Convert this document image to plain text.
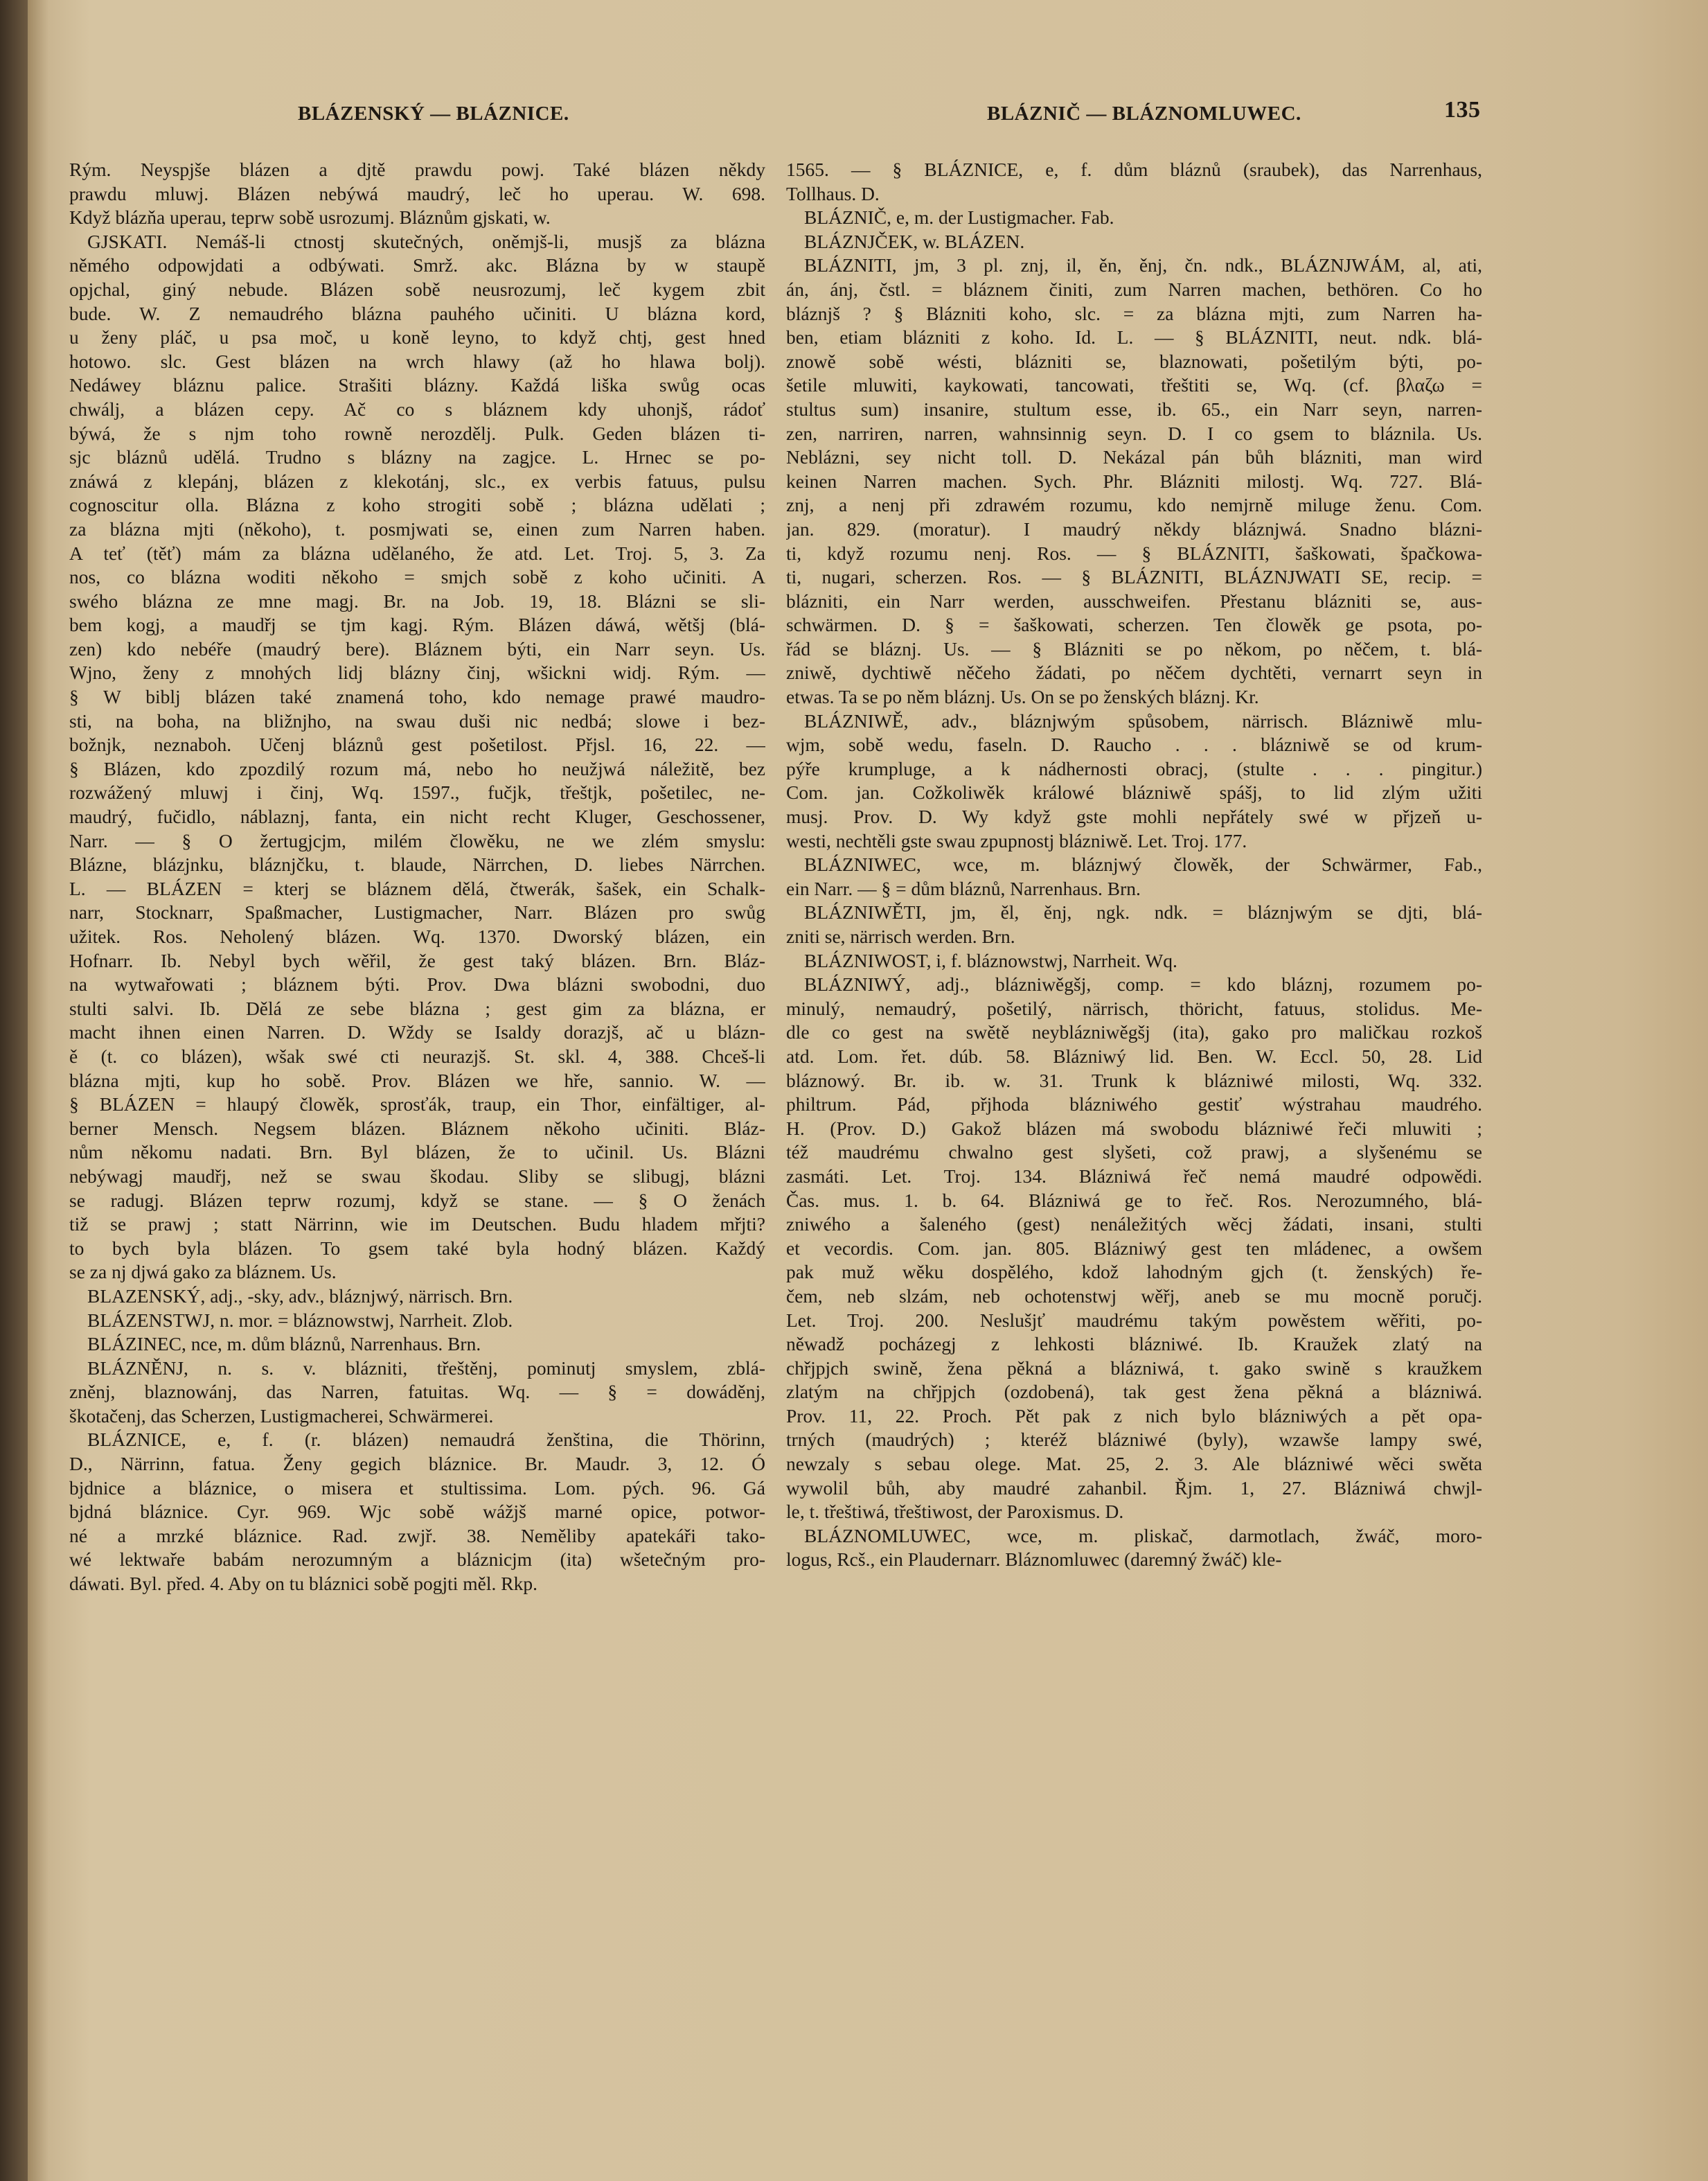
BLÁZENSKÝ — BLÁZNICE.	BLÁZNIČ — BLÁZNOMLUWEC.	135
Rým. Neyspjše blázen a djtě prawdu powj. Také blázen někdy
prawdu mluwj. Blázen nebýwá maudrý, leč ho uperau. W. 698.
Když blázňa uperau, teprw sobě usrozumj. Bláznům gjskati, w.
GJSKATI. Nemáš-li ctnostj skutečných, oněmjš-li, musjš za blázna
němého odpowjdati a odbýwati. Smrž. akc. Blázna by w staupě
opjchal, giný nebude. Blázen sobě neusrozumj, leč kygem zbit
bude. W. Z nemaudrého blázna pauhého učiniti. U blázna kord,
u ženy pláč, u psa moč, u koně leyno, to když chtj, gest hned
hotowo. slc. Gest blázen na wrch hlawy (až ho hlawa bolj).
Nedáwey bláznu palice. Strašiti blázny. Každá liška swůg ocas
chwálj, a blázen cepy. Ač co s bláznem kdy uhonjš, rádoť
býwá, že s njm toho rowně nerozdělj. Pulk. Geden blázen ti-
sjc bláznů udělá. Trudno s blázny na zagjce. L. Hrnec se po-
znáwá z klepánj, blázen z klekotánj, slc., ex verbis fatuus, pulsu
cognoscitur olla. Blázna z koho strogiti sobě ; blázna udělati ;
za blázna mjti (někoho), t. posmjwati se, einen zum Narren haben.
A teť (těť) mám za blázna udělaného, že atd. Let. Troj. 5, 3. Za
nos, co blázna woditi někoho = smjch sobě z koho učiniti. A
swého blázna ze mne magj. Br. na Job. 19, 18. Blázni se sli-
bem kogj, a maudřj se tjm kagj. Rým. Blázen dáwá, wětšj (blá-
zen) kdo nebéře (maudrý bere). Bláznem býti, ein Narr seyn. Us.
Wjno, ženy z mnohých lidj blázny činj, wšickni widj. Rým. —
§ W biblj blázen také znamená toho, kdo nemage prawé maudro-
sti, na boha, na bližnjho, na swau duši nic nedbá; slowe i bez-
božnjk, neznaboh. Učenj bláznů gest pošetilost. Přjsl. 16, 22. —
§ Blázen, kdo zpozdilý rozum má, nebo ho neužjwá náležitě, bez
rozwážený mluwj i činj, Wq. 1597., fučjk, třeštjk, pošetilec, ne-
maudrý, fučidlo, náblaznj, fanta, ein nicht recht Kluger, Geschossener,
Narr. — § O žertugjcjm, milém člowěku, ne we zlém smyslu:
Blázne, blázjnku, bláznjčku, t. blaude, Närrchen, D. liebes Närrchen.
L. — BLÁZEN = kterj se bláznem dělá, čtwerák, šašek, ein Schalk-
narr, Stocknarr, Spaßmacher, Lustigmacher, Narr. Blázen pro swůg
užitek. Ros. Neholený blázen. Wq. 1370. Dworský blázen, ein
Hofnarr. Ib. Nebyl bych wěřil, že gest taký blázen. Brn. Bláz-
na wytwařowati ; bláznem býti. Prov. Dwa blázni swobodni, duo
stulti salvi. Ib. Dělá ze sebe blázna ; gest gim za blázna, er
macht ihnen einen Narren. D. Wždy se Isaldy dorazjš, ač u blázn-
ě (t. co blázen), wšak swé cti neurazjš. St. skl. 4, 388. Chceš-li
blázna mjti, kup ho sobě. Prov. Blázen we hře, sannio. W. —
§ BLÁZEN = hlaupý člowěk, sprosťák, traup, ein Thor, einfältiger, al-
berner Mensch. Negsem blázen. Bláznem někoho učiniti. Bláz-
nům někomu nadati. Brn. Byl blázen, že to učinil. Us. Blázni
nebýwagj maudřj, než se swau škodau. Sliby se slibugj, blázni
se radugj. Blázen teprw rozumj, když se stane. — § O ženách
tiž se prawj ; statt Närrinn, wie im Deutschen. Budu hladem mřjti?
to bych byla blázen. To gsem také byla hodný blázen. Každý
se za nj djwá gako za bláznem. Us.
BLAZENSKÝ, adj., -sky, adv., bláznjwý, närrisch. Brn.
BLÁZENSTWJ, n. mor. = bláznowstwj, Narrheit. Zlob.
BLÁZINEC, nce, m. dům bláznů, Narrenhaus. Brn.
BLÁZNĚNJ, n. s. v. blázniti, třeštěnj, pominutj smyslem, zblá-
zněnj, blaznowánj, das Narren, fatuitas. Wq. — § = dowáděnj,
škotačenj, das Scherzen, Lustigmacherei, Schwärmerei.
BLÁZNICE, e, f. (r. blázen) nemaudrá ženština, die Thörinn,
D., Närrinn, fatua. Ženy gegich bláznice. Br. Maudr. 3, 12. Ó
bjdnice a bláznice, o misera et stultissima. Lom. pých. 96. Gá
bjdná bláznice. Cyr. 969. Wjc sobě wážjš marné opice, potwor-
né a mrzké bláznice. Rad. zwjř. 38. Neměliby apatekáři tako-
wé lektwaře babám nerozumným a bláznicjm (ita) wšetečným pro-
dáwati. Byl. před. 4. Aby on tu bláznici sobě pogjti měl. Rkp.
1565. — § BLÁZNICE, e, f. dům bláznů (sraubek), das Narrenhaus,
Tollhaus. D.
BLÁZNIČ, e, m. der Lustigmacher. Fab.
BLÁZNJČEK, w. BLÁZEN.
BLÁZNITI, jm, 3 pl. znj, il, ěn, ěnj, čn. ndk., BLÁZNJWÁM, al, ati,
án, ánj, čstl. = bláznem činiti, zum Narren machen, bethören. Co ho
bláznjš ? § Blázniti koho, slc. = za blázna mjti, zum Narren ha-
ben, etiam blázniti z koho. Id. L. — § BLÁZNITI, neut. ndk. blá-
znowě sobě wésti, blázniti se, blaznowati, pošetilým býti, po-
šetile mluwiti, kaykowati, tancowati, třeštiti se, Wq. (cf. βλαζω =
stultus sum) insanire, stultum esse, ib. 65., ein Narr seyn, narren-
zen, narriren, narren, wahnsinnig seyn. D. I co gsem to bláznila. Us.
Neblázni, sey nicht toll. D. Nekázal pán bůh blázniti, man wird
keinen Narren machen. Sych. Phr. Blázniti milostj. Wq. 727. Blá-
znj, a nenj při zdrawém rozumu, kdo nemjrně miluge ženu. Com.
jan. 829. (moratur). I maudrý někdy bláznjwá. Snadno blázni-
ti, když rozumu nenj. Ros. — § BLÁZNITI, šaškowati, špačkowa-
ti, nugari, scherzen. Ros. — § BLÁZNITI, BLÁZNJWATI SE, recip. =
blázniti, ein Narr werden, ausschweifen. Přestanu blázniti se, aus-
schwärmen. D. § = šaškowati, scherzen. Ten člowěk ge psota, po-
řád se bláznj. Us. — § Blázniti se po někom, po něčem, t. blá-
zniwě, dychtiwě něčeho žádati, po něčem dychtěti, vernarrt seyn in
etwas. Ta se po něm bláznj. Us. On se po ženských bláznj. Kr.
BLÁZNIWĚ, adv., bláznjwým spůsobem, närrisch. Blázniwě mlu-
wjm, sobě wedu, faseln. D. Raucho . . . blázniwě se od krum-
pýře krumpluge, a k nádhernosti obracj, (stulte . . . pingitur.)
Com. jan. Cožkoliwěk králowé blázniwě spášj, to lid zlým užiti
musj. Prov. D. Wy když gste mohli nepřátely swé w přjzeň u-
westi, nechtěli gste swau zpupnostj blázniwě. Let. Troj. 177.
BLÁZNIWEC, wce, m. bláznjwý člowěk, der Schwärmer, Fab.,
ein Narr. — § = dům bláznů, Narrenhaus. Brn.
BLÁZNIWĚTI, jm, ěl, ěnj, ngk. ndk. = bláznjwým se djti, blá-
zniti se, närrisch werden. Brn.
BLÁZNIWOST, i, f. bláznowstwj, Narrheit. Wq.
BLÁZNIWÝ, adj., blázniwěgšj, comp. = kdo bláznj, rozumem po-
minulý, nemaudrý, pošetilý, närrisch, thöricht, fatuus, stolidus. Me-
dle co gest na swětě neyblázniwěgšj (ita), gako pro maličkau rozkoš
atd. Lom. řet. dúb. 58. Blázniwý lid. Ben. W. Eccl. 50, 28. Lid
bláznowý. Br. ib. w. 31. Trunk k blázniwé milosti, Wq. 332.
philtrum. Pád, přjhoda blázniwého gestiť wýstrahau maudrého.
H. (Prov. D.) Gakož blázen má swobodu blázniwé řeči mluwiti ;
též maudrému chwalno gest slyšeti, což prawj, a slyšenému se
zasmáti. Let. Troj. 134. Blázniwá řeč nemá maudré odpowědi.
Čas. mus. 1. b. 64. Blázniwá ge to řeč. Ros. Nerozumného, blá-
zniwého a šaleného (gest) nenáležitých wěcj žádati, insani, stulti
et vecordis. Com. jan. 805. Blázniwý gest ten mládenec, a owšem
pak muž wěku dospělého, kdož lahodným gjch (t. ženských) ře-
čem, neb slzám, neb ochotenstwj wěřj, aneb se mu mocně poručj.
Let. Troj. 200. Neslušjť maudrému takým powěstem wěřiti, po-
něwadž pocházegj z lehkosti blázniwé. Ib. Kraužek zlatý na
chřjpjch swině, žena pěkná a blázniwá, t. gako swině s kraužkem
zlatým na chřjpjch (ozdobená), tak gest žena pěkná a blázniwá.
Prov. 11, 22. Proch. Pět pak z nich bylo blázniwých a pět opa-
trných (maudrých) ; kteréž blázniwé (byly), wzawše lampy swé,
newzaly s sebau olege. Mat. 25, 2. 3. Ale blázniwé wěci swěta
wywolil bůh, aby maudré zahanbil. Řjm. 1, 27. Blázniwá chwjl-
le, t. třeštiwá, třeštiwost, der Paroxismus. D.
BLÁZNOMLUWEC, wce, m. pliskač, darmotlach, žwáč, moro-
logus, Rcš., ein Plaudernarr. Bláznomluwec (daremný žwáč) kle-
